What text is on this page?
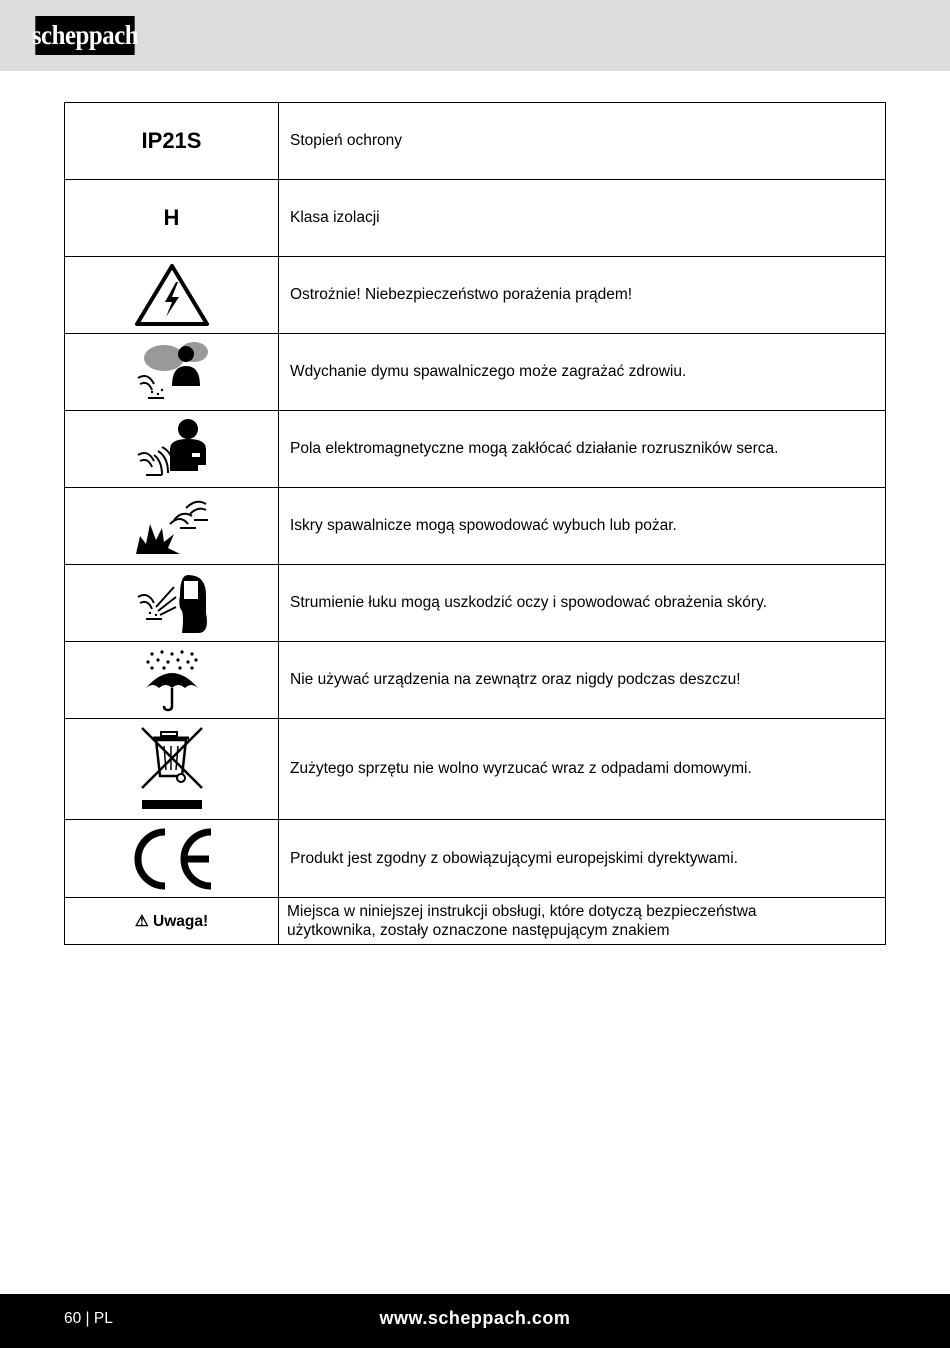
scheppach
IP21S	Stopień ochrony
H	Klasa izolacji

	Ostrożnie! Niebezpieczeństwo porażenia prądem!

	Wdychanie dymu spawalniczego może zagrażać zdrowiu.

	Pola elektromagnetyczne mogą zakłócać działanie rozruszników serca.

	Iskry spawalnicze mogą spowodować wybuch lub pożar.

	Strumienie łuku mogą uszkodzić oczy i spowodować obrażenia skóry.

	Nie używać urządzenia na zewnątrz oraz nigdy podczas deszczu!

	Zużytego sprzętu nie wolno wyrzucać wraz z odpadami domowymi.

	Produkt jest zgodny z obowiązującymi europejskimi dyrektywami.
⚠ Uwaga!	Miejsca w niniejszej instrukcji obsługi, które dotyczą bezpieczeństwa
użytkownika, zostały oznaczone następującym znakiem
60 | PL	www.scheppach.com
